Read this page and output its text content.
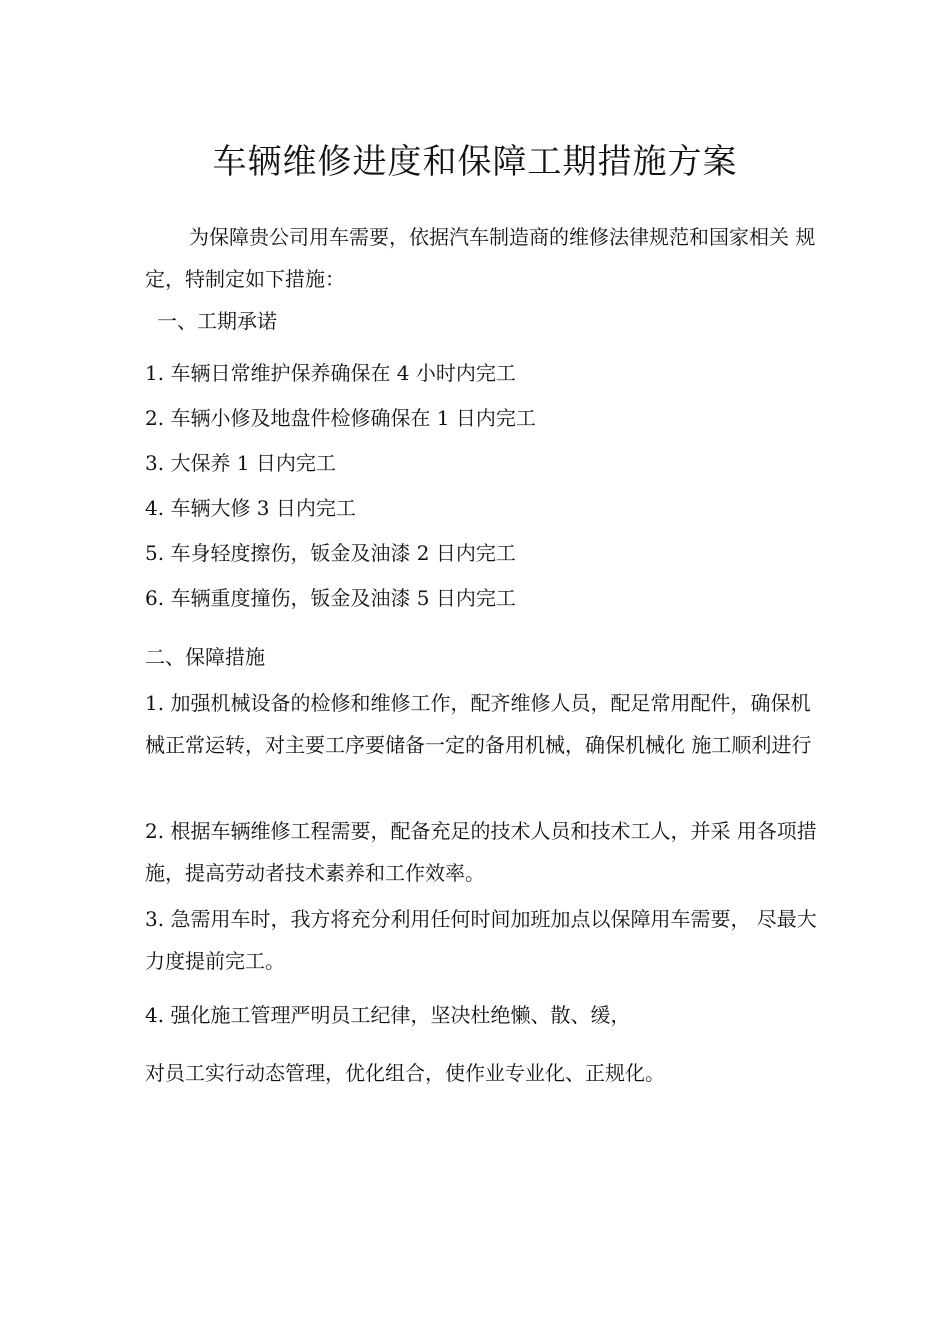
车辆维修进度和保障工期措施方案

为保障贵公司用车需要，依据汽车制造商的维修法律规范和国家相关 规定，特制定如下措施：

一、工期承诺

1. 车辆日常维护保养确保在 4 小时内完工

2. 车辆小修及地盘件检修确保在 1 日内完工

3. 大保养 1 日内完工

4. 车辆大修 3 日内完工

5. 车身轻度擦伤，钣金及油漆 2 日内完工

6. 车辆重度撞伤，钣金及油漆 5 日内完工

二、保障措施

1. 加强机械设备的检修和维修工作，配齐维修人员，配足常用配件，确保机械正常运转，对主要工序要储备一定的备用机械，确保机械化 施工顺利进行

2. 根据车辆维修工程需要，配备充足的技术人员和技术工人，并采 用各项措施，提高劳动者技术素养和工作效率。

3. 急需用车时，我方将充分利用任何时间加班加点以保障用车需要， 尽最大力度提前完工。

4. 强化施工管理严明员工纪律，坚决杜绝懒、散、缓，

对员工实行动态管理，优化组合，使作业专业化、正规化。
